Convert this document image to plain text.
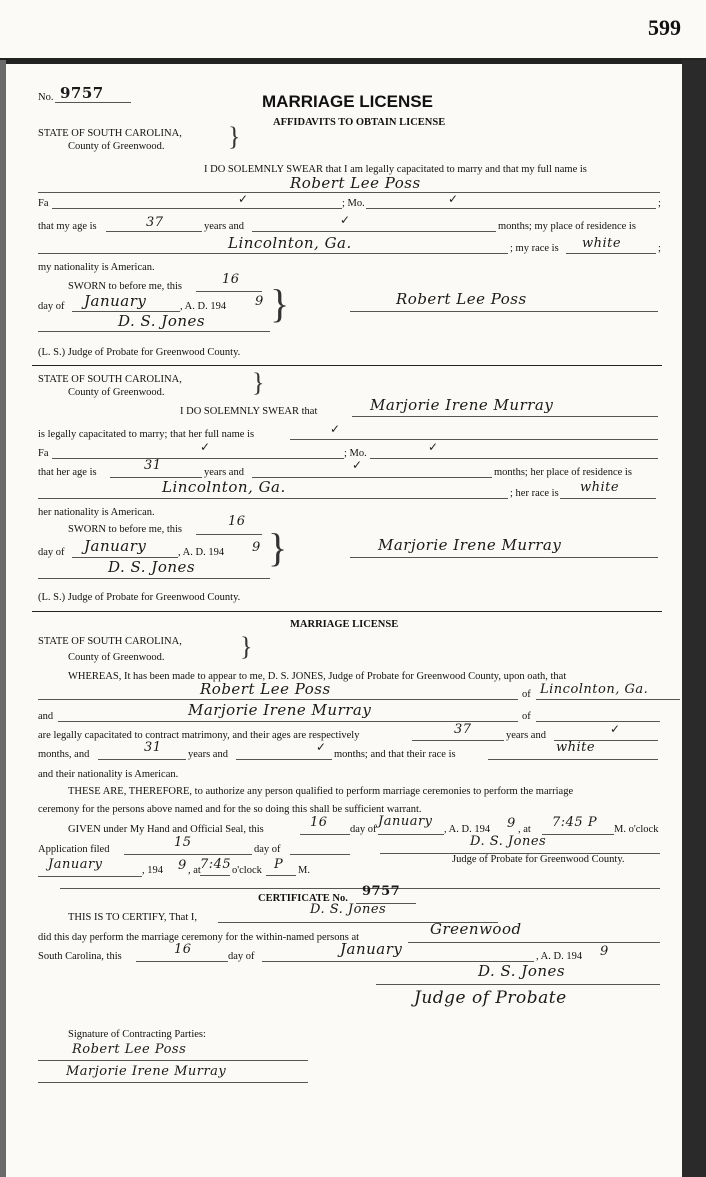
599
No. 9757	MARRIAGE LICENSE
AFFIDAVITS TO OBTAIN LICENSE
STATE OF SOUTH CAROLINA,
County of Greenwood. }
I DO SOLEMNLY SWEAR that I am legally capacitated to marry and that my full name is
Robert Lee Poss
Fa	✓	; Mo.	✓	;
that my age is	37	years and	✓	months; my place of residence is
Lincolnton, Ga.	; my race is white	;
my nationality is American.
SWORN to before me, this	16
day of January	, A. D. 194 9 }
D. S. Jones
Robert Lee Poss
(L. S.) Judge of Probate for Greenwood County.
STATE OF SOUTH CAROLINA,
County of Greenwood.	}
I DO SOLEMNLY SWEAR that	Marjorie Irene Murray
is legally capacitated to marry; that her full name is	✓
Fa	✓	; Mo.	✓
that her age is	31	years and
✓
months; her place of residence is
Lincolnton, Ga.	; her race is white
her nationality is American.
SWORN to before me, this
16
day of January	, A. D. 194 9 }
D. S. Jones
Marjorie Irene Murray
(L. S.) Judge of Probate for Greenwood County.
MARRIAGE LICENSE
STATE OF SOUTH CAROLINA,
County of Greenwood.	}
WHEREAS, It has been made to appear to me, D. S. JONES, Judge of Probate for Greenwood County, upon oath, that
Robert Lee Poss	of Lincolnton, Ga.
and	Marjorie Irene Murray	of
are legally capacitated to contract matrimony, and their ages are respectively	37	years and	✓
months, and	31	years and
✓
months; and that their race is	white
and their nationality is American.
THESE ARE, THEREFORE, to authorize any person qualified to perform marriage ceremonies to perform the marriage
ceremony for the persons above named and for the so doing this shall be sufficient warrant.
GIVEN under My Hand and Official Seal, this	16 day of
January
, A. D. 194 9 , at 7:45 P M. o'clock
Application filed	15	day of
D. S. Jones
Judge of Probate for Greenwood County.
January	, 194 9 , at 7:45 o'clock P M.
CERTIFICATE No. 9757
THIS IS TO CERTIFY, That I,
D. S. Jones
did this day perform the marriage ceremony for the within-named persons at	Greenwood
South Carolina, this	16	day of	January	, A. D. 194 9
D. S. Jones
Judge of Probate
Signature of Contracting Parties:
Robert Lee Poss
Marjorie Irene Murray
